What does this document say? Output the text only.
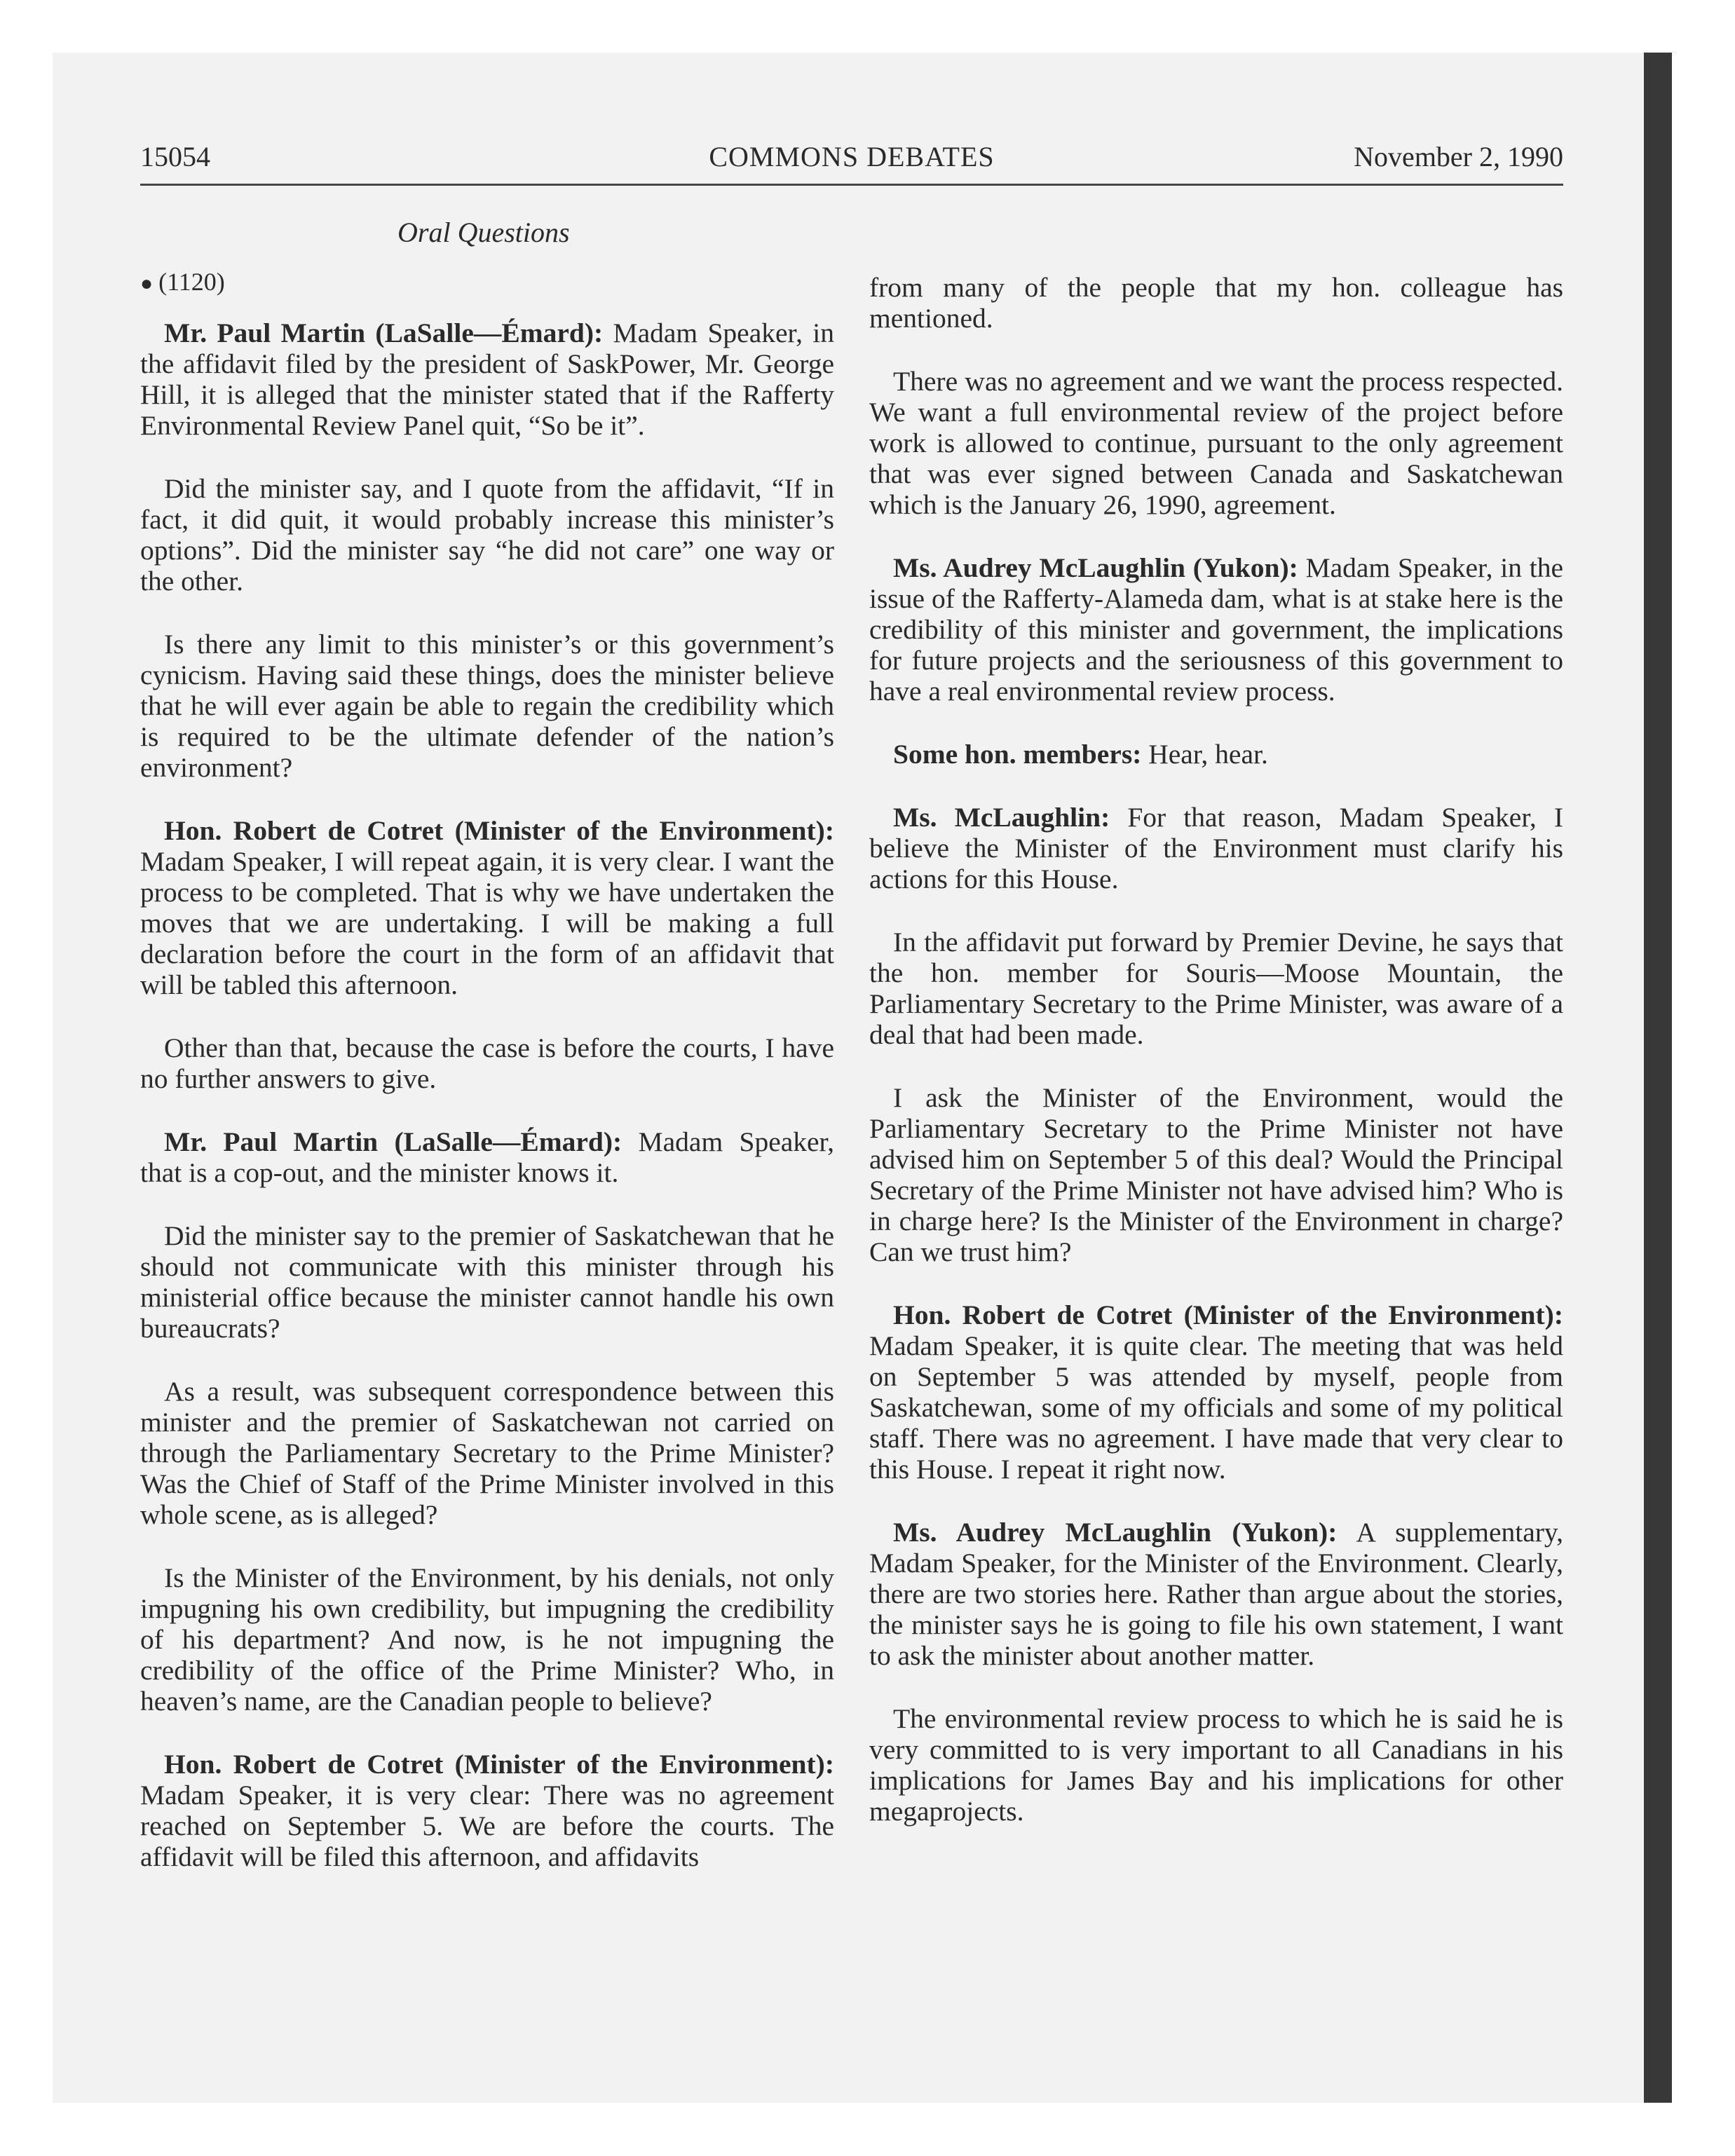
15054	COMMONS DEBATES	November 2, 1990
Oral Questions

● (1120)

Mr. Paul Martin (LaSalle—Émard): Madam Speaker, in the affidavit filed by the president of SaskPower, Mr. George Hill, it is alleged that the minister stated that if the Rafferty Environmental Review Panel quit, “So be it”.

Did the minister say, and I quote from the affidavit, “If in fact, it did quit, it would probably increase this minister’s options”. Did the minister say “he did not care” one way or the other.

Is there any limit to this minister’s or this government’s cynicism. Having said these things, does the minister believe that he will ever again be able to regain the credibility which is required to be the ultimate defender of the nation’s environment?

Hon. Robert de Cotret (Minister of the Environment): Madam Speaker, I will repeat again, it is very clear. I want the process to be completed. That is why we have undertaken the moves that we are undertaking. I will be making a full declaration before the court in the form of an affidavit that will be tabled this afternoon.

Other than that, because the case is before the courts, I have no further answers to give.

Mr. Paul Martin (LaSalle—Émard): Madam Speaker, that is a cop-out, and the minister knows it.

Did the minister say to the premier of Saskatchewan that he should not communicate with this minister through his ministerial office because the minister cannot handle his own bureaucrats?

As a result, was subsequent correspondence between this minister and the premier of Saskatchewan not carried on through the Parliamentary Secretary to the Prime Minister? Was the Chief of Staff of the Prime Minister involved in this whole scene, as is alleged?

Is the Minister of the Environment, by his denials, not only impugning his own credibility, but impugning the credibility of his department? And now, is he not impugning the credibility of the office of the Prime Minister? Who, in heaven’s name, are the Canadian people to believe?

Hon. Robert de Cotret (Minister of the Environment): Madam Speaker, it is very clear: There was no agreement reached on September 5. We are before the courts. The affidavit will be filed this afternoon, and affidavits

from many of the people that my hon. colleague has mentioned.

There was no agreement and we want the process respected. We want a full environmental review of the project before work is allowed to continue, pursuant to the only agreement that was ever signed between Canada and Saskatchewan which is the January 26, 1990, agreement.

Ms. Audrey McLaughlin (Yukon): Madam Speaker, in the issue of the Rafferty-Alameda dam, what is at stake here is the credibility of this minister and government, the implications for future projects and the seriousness of this government to have a real environmental review process.

Some hon. members: Hear, hear.

Ms. McLaughlin: For that reason, Madam Speaker, I believe the Minister of the Environment must clarify his actions for this House.

In the affidavit put forward by Premier Devine, he says that the hon. member for Souris—Moose Mountain, the Parliamentary Secretary to the Prime Minister, was aware of a deal that had been made.

I ask the Minister of the Environment, would the Parliamentary Secretary to the Prime Minister not have advised him on September 5 of this deal? Would the Principal Secretary of the Prime Minister not have advised him? Who is in charge here? Is the Minister of the Environment in charge? Can we trust him?

Hon. Robert de Cotret (Minister of the Environment): Madam Speaker, it is quite clear. The meeting that was held on September 5 was attended by myself, people from Saskatchewan, some of my officials and some of my political staff. There was no agreement. I have made that very clear to this House. I repeat it right now.

Ms. Audrey McLaughlin (Yukon): A supplementary, Madam Speaker, for the Minister of the Environment. Clearly, there are two stories here. Rather than argue about the stories, the minister says he is going to file his own statement, I want to ask the minister about another matter.

The environmental review process to which he is said he is very committed to is very important to all Canadians in his implications for James Bay and his implications for other megaprojects.
